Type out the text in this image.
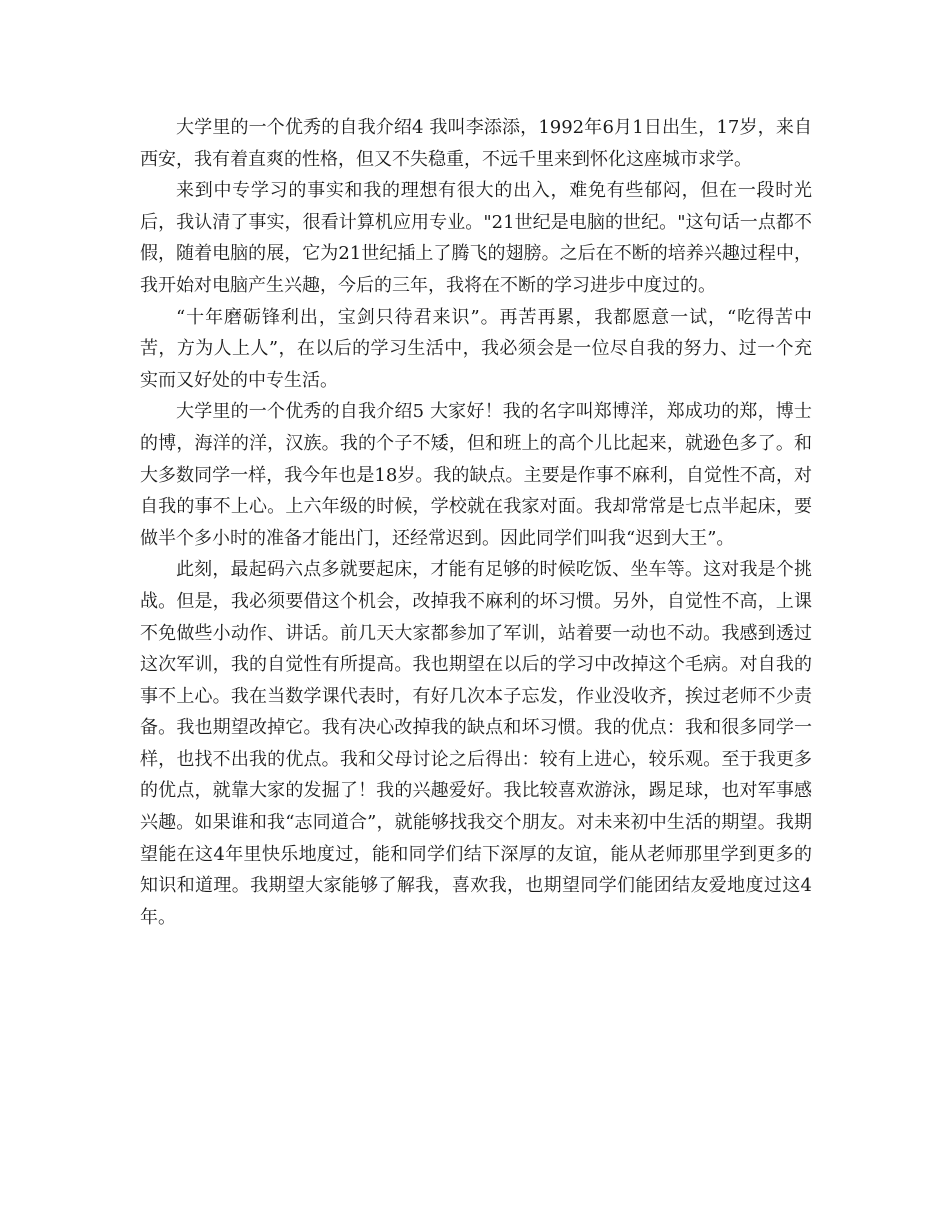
大学里的一个优秀的自我介绍4 我叫李添添，1992年6月1日出生，17岁，来自西安，我有着直爽的性格，但又不失稳重，不远千里来到怀化这座城市求学。

来到中专学习的事实和我的理想有很大的出入，难免有些郁闷，但在一段时光后，我认清了事实，很看计算机应用专业。"21世纪是电脑的世纪。"这句话一点都不假，随着电脑的展，它为21世纪插上了腾飞的翅膀。之后在不断的培养兴趣过程中，我开始对电脑产生兴趣，今后的三年，我将在不断的学习进步中度过的。

“十年磨砺锋利出，宝剑只待君来识”。再苦再累，我都愿意一试，“吃得苦中苦，方为人上人”，在以后的学习生活中，我必须会是一位尽自我的努力、过一个充实而又好处的中专生活。

大学里的一个优秀的自我介绍5 大家好！我的名字叫郑博洋，郑成功的郑，博士的博，海洋的洋，汉族。我的个子不矮，但和班上的高个儿比起来，就逊色多了。和大多数同学一样，我今年也是18岁。我的缺点。主要是作事不麻利，自觉性不高，对自我的事不上心。上六年级的时候，学校就在我家对面。我却常常是七点半起床，要做半个多小时的准备才能出门，还经常迟到。因此同学们叫我“迟到大王”。

此刻，最起码六点多就要起床，才能有足够的时候吃饭、坐车等。这对我是个挑战。但是，我必须要借这个机会，改掉我不麻利的坏习惯。另外，自觉性不高，上课不免做些小动作、讲话。前几天大家都参加了军训，站着要一动也不动。我感到透过这次军训，我的自觉性有所提高。我也期望在以后的学习中改掉这个毛病。对自我的事不上心。我在当数学课代表时，有好几次本子忘发，作业没收齐，挨过老师不少责备。我也期望改掉它。我有决心改掉我的缺点和坏习惯。我的优点：我和很多同学一样，也找不出我的优点。我和父母讨论之后得出：较有上进心，较乐观。至于我更多的优点，就靠大家的发掘了！我的兴趣爱好。我比较喜欢游泳，踢足球，也对军事感兴趣。如果谁和我“志同道合”，就能够找我交个朋友。对未来初中生活的期望。我期望能在这4年里快乐地度过，能和同学们结下深厚的友谊，能从老师那里学到更多的知识和道理。我期望大家能够了解我，喜欢我，也期望同学们能团结友爱地度过这4年。
